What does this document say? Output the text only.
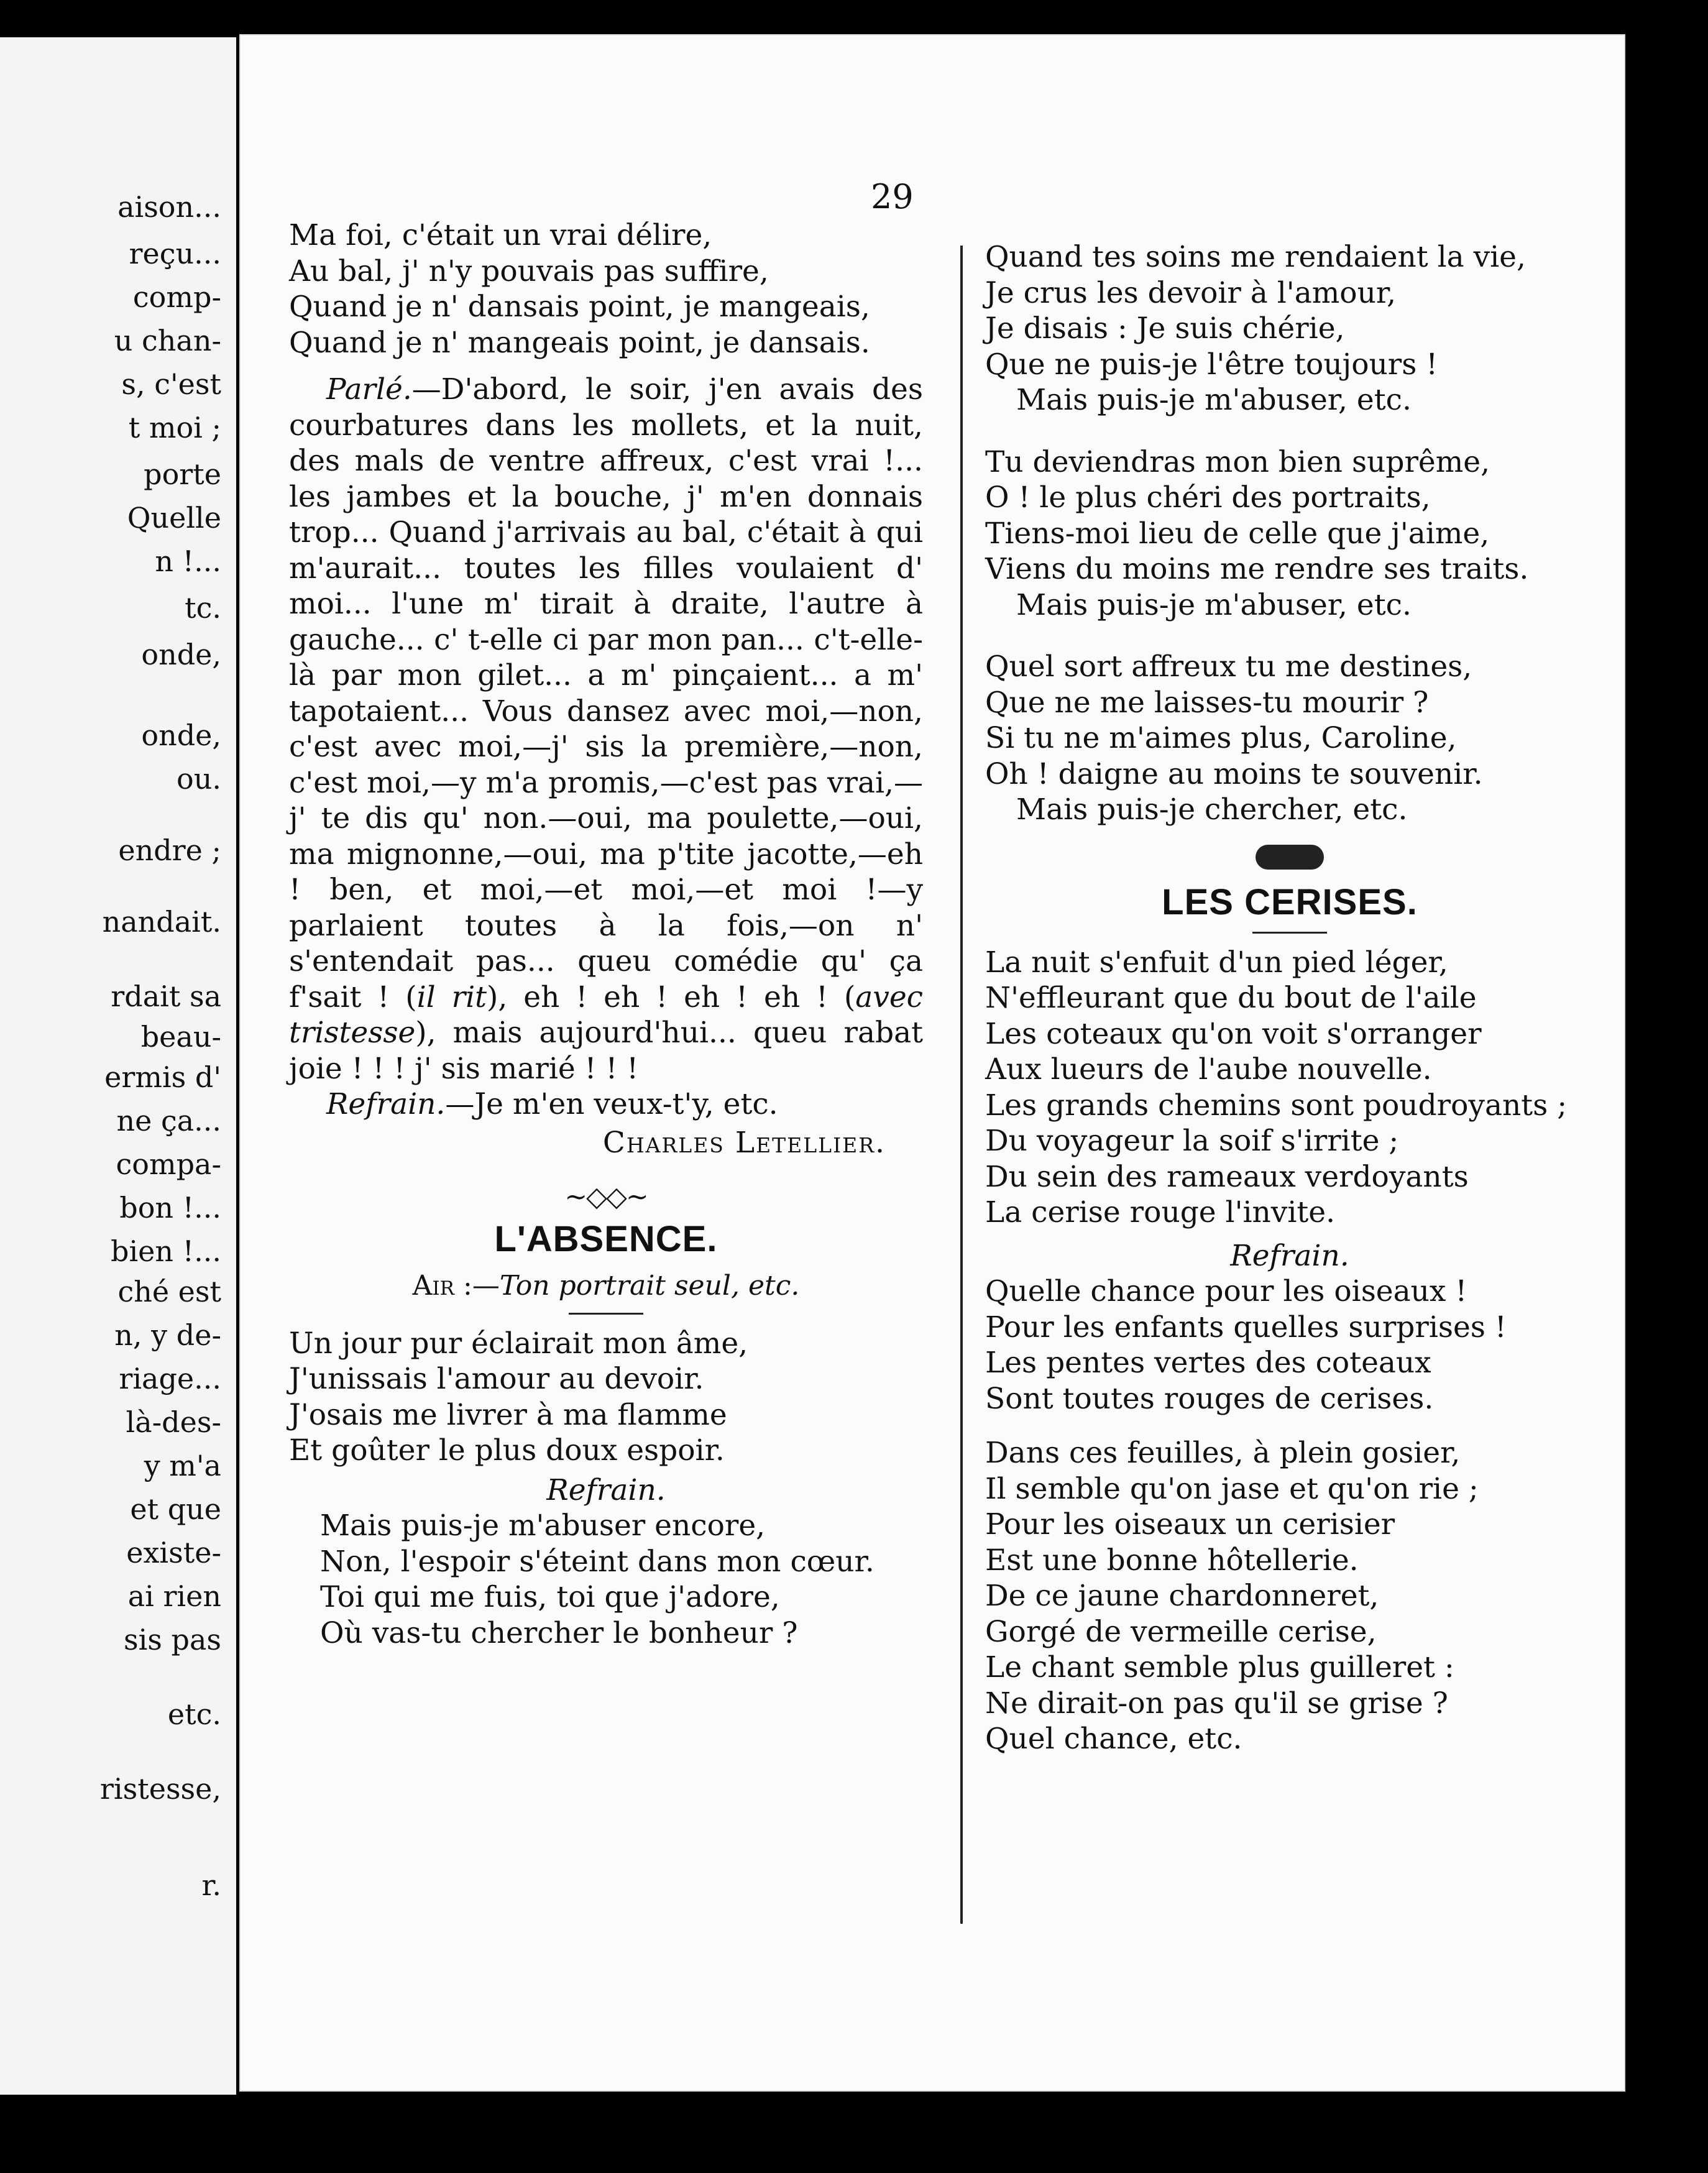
aison...
reçu...
comp-
u chan-
s, c'est
t moi ;
porte
Quelle
n !...
tc.
onde,
onde,
ou.
endre ;
nandait.
rdait sa
beau-
ermis d'
ne ça...
compa-
bon !...
bien !...
ché est
n, y de-
riage...
là-des-
y m'a
et que
existe-
ai rien
sis pas
etc.
ristesse,
r.
29
Ma foi, c'était un vrai délire,
Au bal, j' n'y pouvais pas suffire,
Quand je n' dansais point, je mangeais,
Quand je n' mangeais point, je dansais.

Parlé.—D'abord, le soir, j'en avais des courbatures dans les mollets, et la nuit, des mals de ventre affreux, c'est vrai !... les jambes et la bouche, j' m'en donnais trop... Quand j'arrivais au bal, c'était à qui m'aurait... toutes les filles voulaient d' moi... l'une m' tirait à draite, l'autre à gauche... c' t-elle ci par mon pan... c't-elle-là par mon gilet... a m' pinçaient... a m' tapotaient... Vous dansez avec moi,—non, c'est avec moi,—j' sis la première,—non, c'est moi,—y m'a promis,—c'est pas vrai,—j' te dis qu' non.—oui, ma poulette,—oui, ma mignonne,—oui, ma p'tite jacotte,—eh ! ben, et moi,—et moi,—et moi !—y parlaient toutes à la fois,—on n' s'entendait pas... queu comédie qu' ça f'sait ! (il rit), eh ! eh ! eh ! eh ! (avec tristesse), mais aujourd'hui... queu rabat joie ! ! ! j' sis marié ! ! !

Refrain.—Je m'en veux-t'y, etc.

Charles Letellier.
~◇◇~
L'ABSENCE.
Air :—Ton portrait seul, etc.
Un jour pur éclairait mon âme,
J'unissais l'amour au devoir.
J'osais me livrer à ma flamme
Et goûter le plus doux espoir.
Refrain.
Mais puis-je m'abuser encore,
Non, l'espoir s'éteint dans mon cœur.
Toi qui me fuis, toi que j'adore,
Où vas-tu chercher le bonheur ?
Quand tes soins me rendaient la vie,
Je crus les devoir à l'amour,
Je disais : Je suis chérie,
Que ne puis-je l'être toujours !
Mais puis-je m'abuser, etc.
Tu deviendras mon bien suprême,
O ! le plus chéri des portraits,
Tiens-moi lieu de celle que j'aime,
Viens du moins me rendre ses traits.
Mais puis-je m'abuser, etc.
Quel sort affreux tu me destines,
Que ne me laisses-tu mourir ?
Si tu ne m'aimes plus, Caroline,
Oh ! daigne au moins te souvenir.
Mais puis-je chercher, etc.
LES CERISES.
La nuit s'enfuit d'un pied léger,
N'effleurant que du bout de l'aile
Les coteaux qu'on voit s'orranger
Aux lueurs de l'aube nouvelle.
Les grands chemins sont poudroyants ;
Du voyageur la soif s'irrite ;
Du sein des rameaux verdoyants
La cerise rouge l'invite.
Refrain.
Quelle chance pour les oiseaux !
Pour les enfants quelles surprises !
Les pentes vertes des coteaux
Sont toutes rouges de cerises.
Dans ces feuilles, à plein gosier,
Il semble qu'on jase et qu'on rie ;
Pour les oiseaux un cerisier
Est une bonne hôtellerie.
De ce jaune chardonneret,
Gorgé de vermeille cerise,
Le chant semble plus guilleret :
Ne dirait-on pas qu'il se grise ?
Quel chance, etc.
